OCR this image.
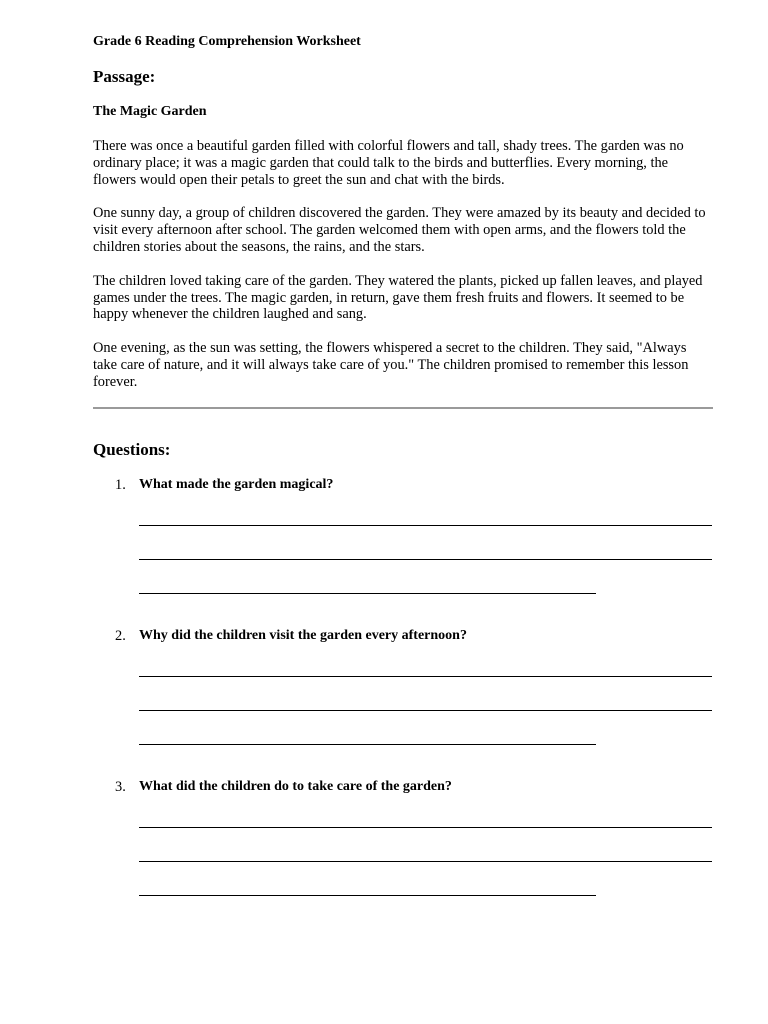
Grade 6 Reading Comprehension Worksheet
Passage:
The Magic Garden

There was once a beautiful garden filled with colorful flowers and tall, shady trees. The garden was no ordinary place; it was a magic garden that could talk to the birds and butterflies. Every morning, the flowers would open their petals to greet the sun and chat with the birds.

One sunny day, a group of children discovered the garden. They were amazed by its beauty and decided to visit every afternoon after school. The garden welcomed them with open arms, and the flowers told the children stories about the seasons, the rains, and the stars.

The children loved taking care of the garden. They watered the plants, picked up fallen leaves, and played games under the trees. The magic garden, in return, gave them fresh fruits and flowers. It seemed to be happy whenever the children laughed and sang.

One evening, as the sun was setting, the flowers whispered a secret to the children. They said, "Always take care of nature, and it will always take care of you." The children promised to remember this lesson forever.

Questions:
1. What made the garden magical?
2. Why did the children visit the garden every afternoon?
3. What did the children do to take care of the garden?
